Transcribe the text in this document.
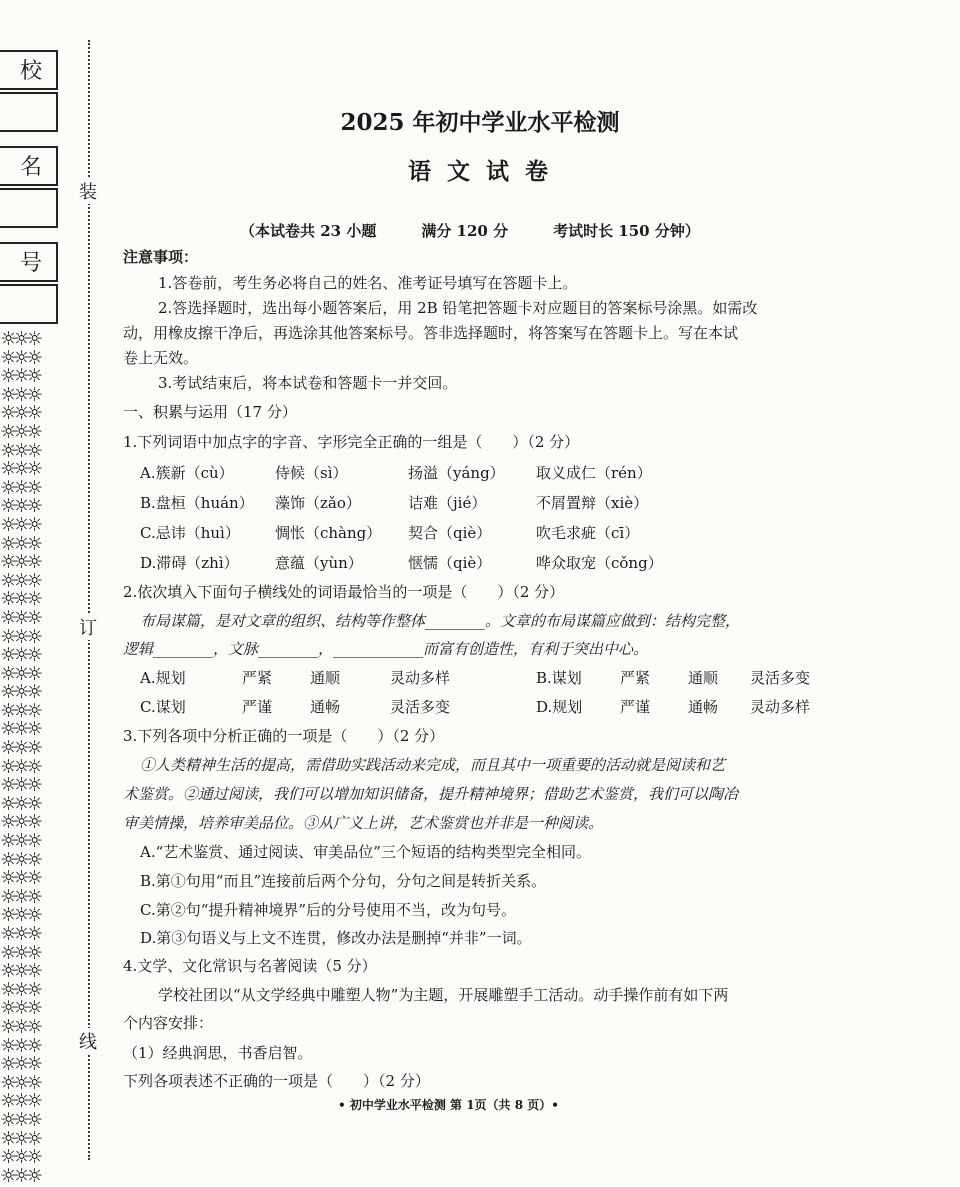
校
名
号
☼☼☼
☼☼☼
☼☼☼
☼☼☼
☼☼☼
☼☼☼
☼☼☼
☼☼☼
☼☼☼
☼☼☼
☼☼☼
☼☼☼
☼☼☼
☼☼☼
☼☼☼
☼☼☼
☼☼☼
☼☼☼
☼☼☼
☼☼☼
☼☼☼
☼☼☼
☼☼☼
☼☼☼
☼☼☼
☼☼☼
☼☼☼
☼☼☼
☼☼☼
☼☼☼
☼☼☼
☼☼☼
☼☼☼
☼☼☼
☼☼☼
☼☼☼
☼☼☼
☼☼☼
☼☼☼
☼☼☼
☼☼☼
☼☼☼
☼☼☼
☼☼☼
☼☼☼
☼☼☼
装
订
线
2025 年初中学业水平检测
语 文 试 卷
（本试卷共 23 小题　　　满分 120 分　　　考试时长 150 分钟）
注意事项：
1.答卷前，考生务必将自己的姓名、准考证号填写在答题卡上。
2.答选择题时，选出每小题答案后，用 2B 铅笔把答题卡对应题目的答案标号涂黑。如需改
动，用橡皮擦干净后，再选涂其他答案标号。答非选择题时，将答案写在答题卡上。写在本试
卷上无效。
3.考试结束后，将本试卷和答题卡一并交回。
一、积累与运用（17 分）
1.下列词语中加点字的字音、字形完全正确的一组是（　　）（2 分）
A.簇新（cù）	侍候（sì）	扬溢（yáng） 取义成仁（rén）
B.盘桓（huán） 藻饰（zǎo）	诘难（jié）	不屑置辩（xiè）
C.忌讳（huì） 惆怅（chàng） 契合（qiè）	吹毛求疵（cī）
D.滞碍（zhì） 意蕴（yùn）	惬懦（qiè）	哗众取宠（cǒng）
2.依次填入下面句子横线处的词语最恰当的一项是（　　）（2 分）
布局谋篇，是对文章的组织、结构等作整体________。文章的布局谋篇应做到：结构完整，
逻辑________，文脉________，____________而富有创造性，有利于突出中心。
A.规划	严紧	通顺	灵动多样	B.谋划	严紧	通顺 灵活多变
C.谋划	严谨	通畅	灵活多变	D.规划	严谨	通畅 灵动多样
3.下列各项中分析正确的一项是（　　）（2 分）
①人类精神生活的提高，需借助实践活动来完成，而且其中一项重要的活动就是阅读和艺
术鉴赏。②通过阅读，我们可以增加知识储备，提升精神境界；借助艺术鉴赏，我们可以陶冶
审美情操，培养审美品位。③从广义上讲，艺术鉴赏也并非是一种阅读。
A.“艺术鉴赏、通过阅读、审美品位”三个短语的结构类型完全相同。
B.第①句用“而且”连接前后两个分句，分句之间是转折关系。
C.第②句“提升精神境界”后的分号使用不当，改为句号。
D.第③句语义与上文不连贯，修改办法是删掉“并非”一词。
4.文学、文化常识与名著阅读（5 分）
学校社团以“从文学经典中雕塑人物”为主题，开展雕塑手工活动。动手操作前有如下两
个内容安排：
（1）经典润思，书香启智。
下列各项表述不正确的一项是（　　）（2 分）
• 初中学业水平检测 第 1页（共 8 页）•
